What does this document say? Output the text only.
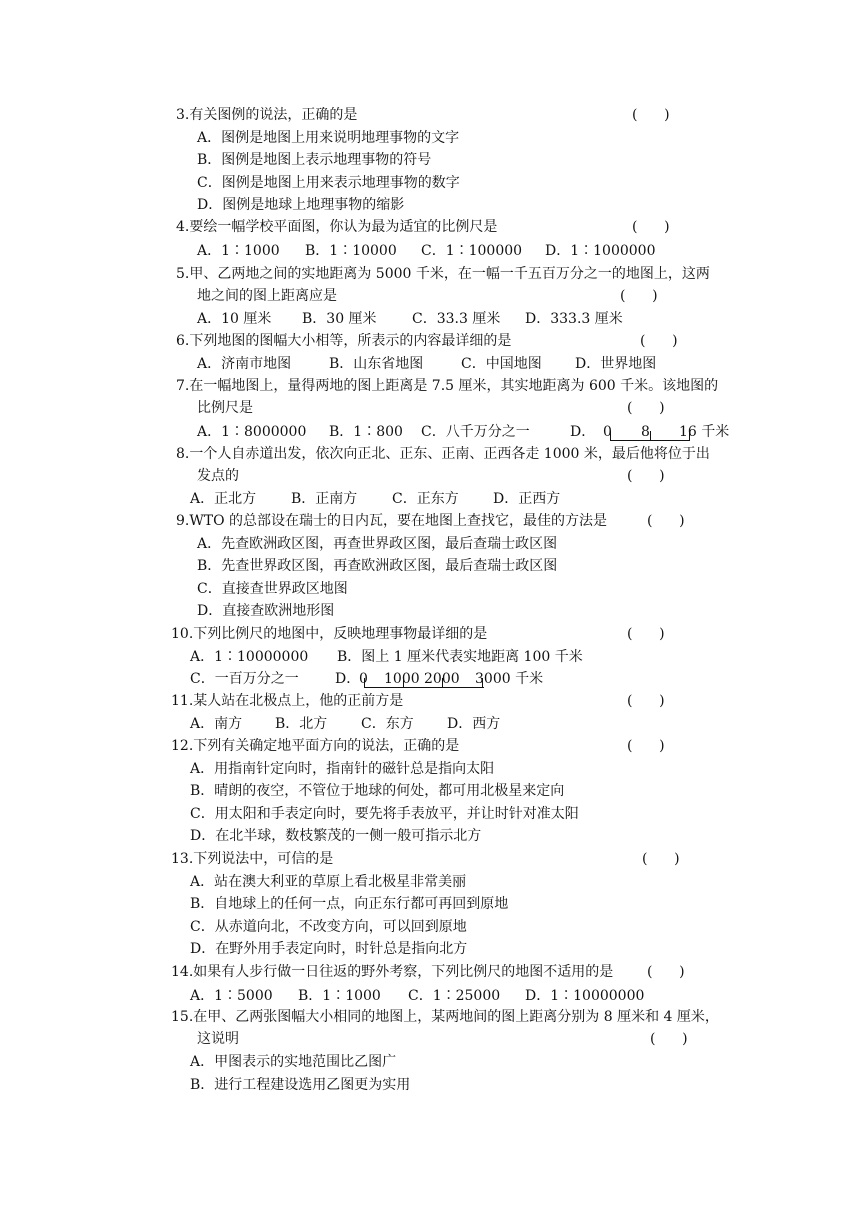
3.有关图例的说法，正确的是	(      )
A．图例是地图上用来说明地理事物的文字
B．图例是地图上表示地理事物的符号
C．图例是地图上用来表示地理事物的数字
D．图例是地球上地理事物的缩影
4.要绘一幅学校平面图，你认为最为适宜的比例尺是	(      )
A．1∶1000 B．1∶10000 C．1∶100000 D．1∶1000000
5.甲、乙两地之间的实地距离为 5000 千米，在一幅一千五百万分之一的地图上，这两
地之间的图上距离应是	(      )
A．10 厘米 B．30 厘米	C．33.3 厘米 D．333.3 厘米
6.下列地图的图幅大小相等，所表示的内容最详细的是	(      )
A．济南市地图	B．山东省地图	C．中国地图 D．世界地图
7.在一幅地图上，量得两地的图上距离是 7.5 厘米，其实地距离为 600 千米。该地图的
比例尺是	(      )
A．1∶8000000 B．1∶800 C．八千万分之一	D． 0 8 16 千米
8.一个人自赤道出发，依次向正北、正东、正南、正西各走 1000 米，最后他将位于出
发点的	(      )
A．正北方 B．正南方 C．正东方 D．正西方
9.WTO 的总部设在瑞士的日内瓦，要在地图上查找它，最佳的方法是	(      )
A．先查欧洲政区图，再查世界政区图，最后查瑞士政区图
B．先查世界政区图，再查欧洲政区图，最后查瑞士政区图
C．直接查世界政区地图
D．直接查欧洲地形图
10.下列比例尺的地图中，反映地理事物最详细的是	(      )
A．1∶10000000 B．图上 1 厘米代表实地距离 100 千米
C．一百万分之一	D．
0 1000 2000 3000 千米
11.某人站在北极点上，他的正前方是	(      )
A．南方 B．北方 C．东方 D．西方
12.下列有关确定地平面方向的说法，正确的是	(      )
A．用指南针定向时，指南针的磁针总是指向太阳
B．晴朗的夜空，不管位于地球的何处，都可用北极星来定向
C．用太阳和手表定向时，要先将手表放平，并让时针对准太阳
D．在北半球，数枝繁茂的一侧一般可指示北方
13.下列说法中，可信的是	(      )
A．站在澳大利亚的草原上看北极星非常美丽
B．自地球上的任何一点，向正东行都可再回到原地
C．从赤道向北，不改变方向，可以回到原地
D．在野外用手表定向时，时针总是指向北方
14.如果有人步行做一日往返的野外考察，下列比例尺的地图不适用的是 (      )
A．1∶5000 B．1∶1000 C．1∶25000 D．1∶10000000
15.在甲、乙两张图幅大小相同的地图上，某两地间的图上距离分别为 8 厘米和 4 厘米，
这说明	(      )
A．甲图表示的实地范围比乙图广
B．进行工程建设选用乙图更为实用
